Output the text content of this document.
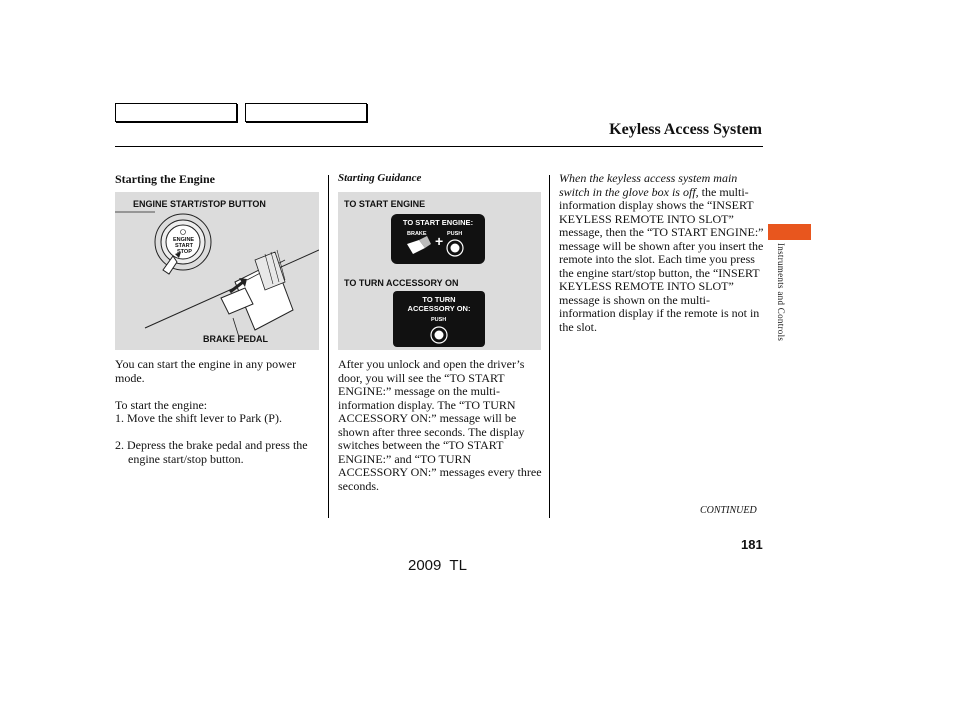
Keyless Access System
Starting the Engine
ENGINE START/STOP BUTTON
ENGINE
START
STOP
BRAKE PEDAL

You can start the engine in any power mode.

To start the engine:

1. Move the shift lever to Park (P).

2. Depress the brake pedal and press the engine start/stop button.

Starting Guidance
TO START ENGINE
TO START ENGINE:
BRAKE	PUSH
+
TO TURN ACCESSORY ON
TO TURN
ACCESSORY ON:
PUSH
After you unlock and open the driver’s door, you will see the “TO START ENGINE:” message on the multi-information display. The “TO TURN ACCESSORY ON:” message will be shown after three seconds. The display switches between the “TO START ENGINE:” and “TO TURN ACCESSORY ON:” messages every three seconds.
When the keyless access system main switch in the glove box is off, the multi-information display shows the “INSERT KEYLESS REMOTE INTO SLOT” message, then the “TO START ENGINE:” message will be shown after you insert the remote into the slot. Each time you press the engine start/stop button, the “INSERT KEYLESS REMOTE INTO SLOT” message is shown on the multi-information display if the remote is not in the slot.	Instruments and Controls
CONTINUED
181
2009  TL
